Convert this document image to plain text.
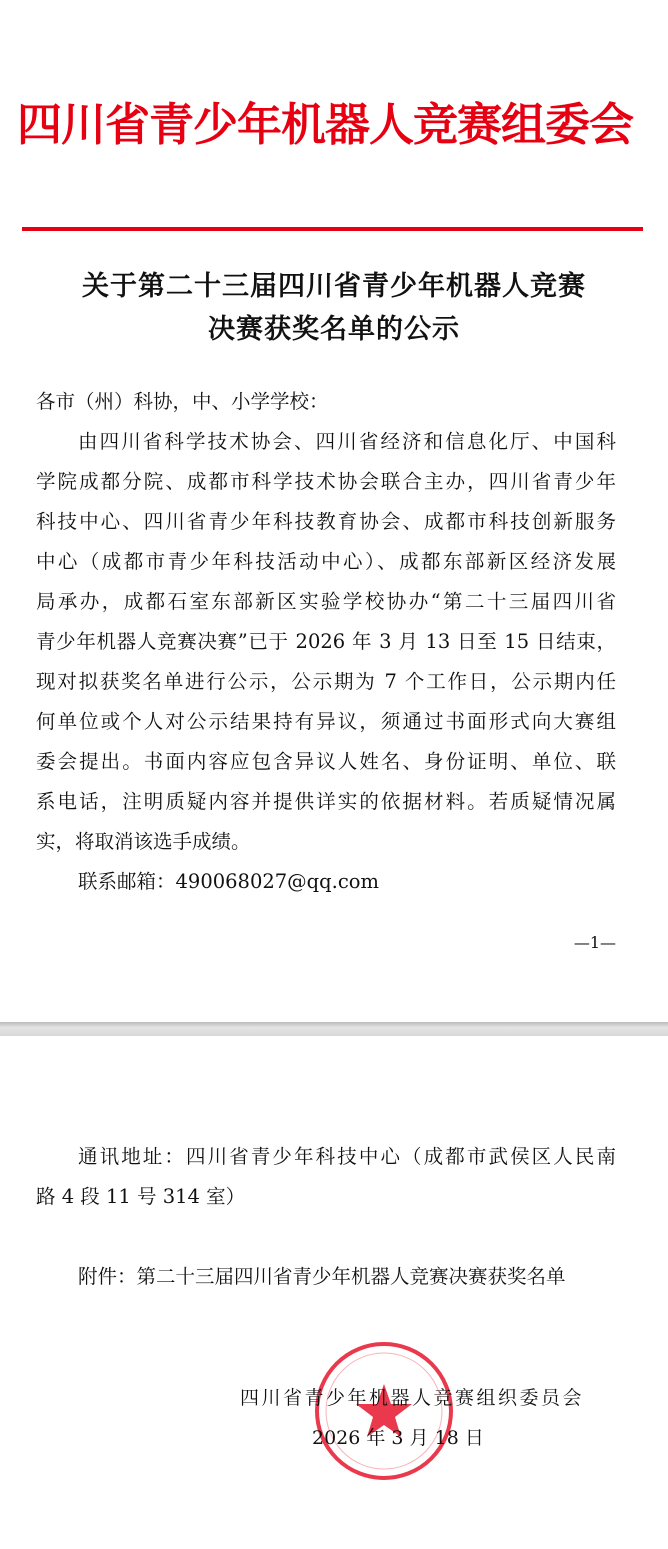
四川省青少年机器人竞赛组委会
关于第二十三届四川省青少年机器人竞赛
决赛获奖名单的公示
各市（州）科协，中、小学学校：
由四川省科学技术协会、四川省经济和信息化厅、中国科
学院成都分院、成都市科学技术协会联合主办，四川省青少年
科技中心、四川省青少年科技教育协会、成都市科技创新服务
中心（成都市青少年科技活动中心）、成都东部新区经济发展
局承办，成都石室东部新区实验学校协办“第二十三届四川省
青少年机器人竞赛决赛”已于 2026 年 3 月 13 日至 15 日结束，
现对拟获奖名单进行公示，公示期为 7 个工作日，公示期内任
何单位或个人对公示结果持有异议，须通过书面形式向大赛组
委会提出。书面内容应包含异议人姓名、身份证明、单位、联
系电话，注明质疑内容并提供详实的依据材料。若质疑情况属
实，将取消该选手成绩。
联系邮箱：490068027@qq.com
—1—
通讯地址：四川省青少年科技中心（成都市武侯区人民南
路 4 段 11 号 314 室）
附件：第二十三届四川省青少年机器人竞赛决赛获奖名单
四川省青少年机器人竞赛组织委员会
2026 年 3 月 18 日
